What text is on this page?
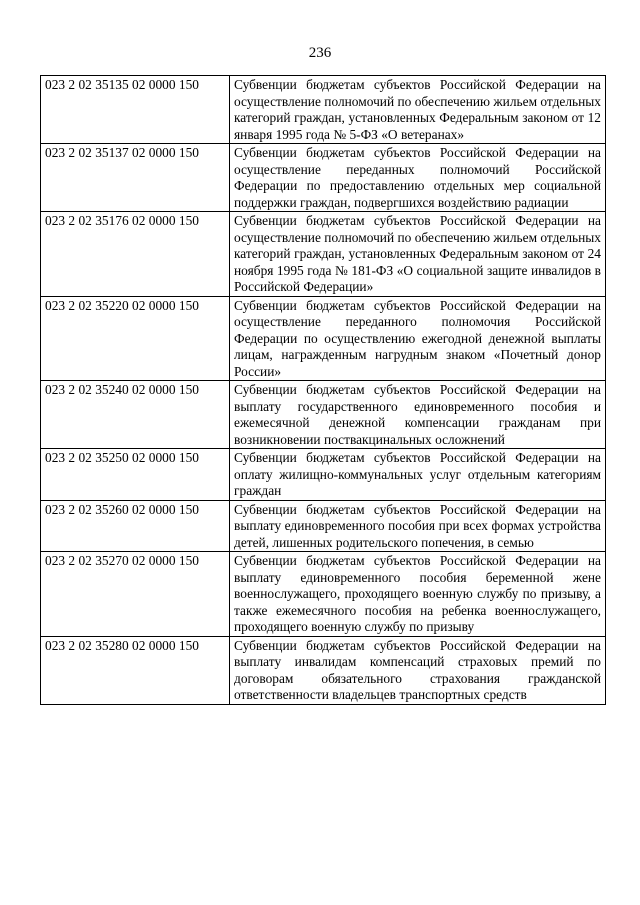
236
023 2 02 35135 02 0000 150	Субвенции бюджетам субъектов Российской Федерации на осуществление полномочий по обеспечению жильем отдельных категорий граждан, установленных Федеральным законом от 12 января 1995 года № 5-ФЗ «О ветеранах»
023 2 02 35137 02 0000 150	Субвенции бюджетам субъектов Российской Федерации на осуществление переданных полномочий Российской Федерации по предоставлению отдельных мер социальной поддержки граждан, подвергшихся воздействию радиации
023 2 02 35176 02 0000 150	Субвенции бюджетам субъектов Российской Федерации на осуществление полномочий по обеспечению жильем отдельных категорий граждан, установленных Федеральным законом от 24 ноября 1995 года № 181-ФЗ «О социальной защите инвалидов в Российской Федерации»
023 2 02 35220 02 0000 150	Субвенции бюджетам субъектов Российской Федерации на осуществление переданного полномочия Российской Федерации по осуществлению ежегодной денежной выплаты лицам, награжденным нагрудным знаком «Почетный донор России»
023 2 02 35240 02 0000 150	Субвенции бюджетам субъектов Российской Федерации на выплату государственного единовременного пособия и ежемесячной денежной компенсации гражданам при возникновении поствакцинальных осложнений
023 2 02 35250 02 0000 150	Субвенции бюджетам субъектов Российской Федерации на оплату жилищно-коммунальных услуг отдельным категориям граждан
023 2 02 35260 02 0000 150	Субвенции бюджетам субъектов Российской Федерации на выплату единовременного пособия при всех формах устройства детей, лишенных родительского попечения, в семью
023 2 02 35270 02 0000 150	Субвенции бюджетам субъектов Российской Федерации на выплату единовременного пособия беременной жене военнослужащего, проходящего военную службу по призыву, а также ежемесячного пособия на ребенка военнослужащего, проходящего военную службу по призыву
023 2 02 35280 02 0000 150	Субвенции бюджетам субъектов Российской Федерации на выплату инвалидам компенсаций страховых премий по договорам обязательного страхования гражданской ответственности владельцев транспортных средств
